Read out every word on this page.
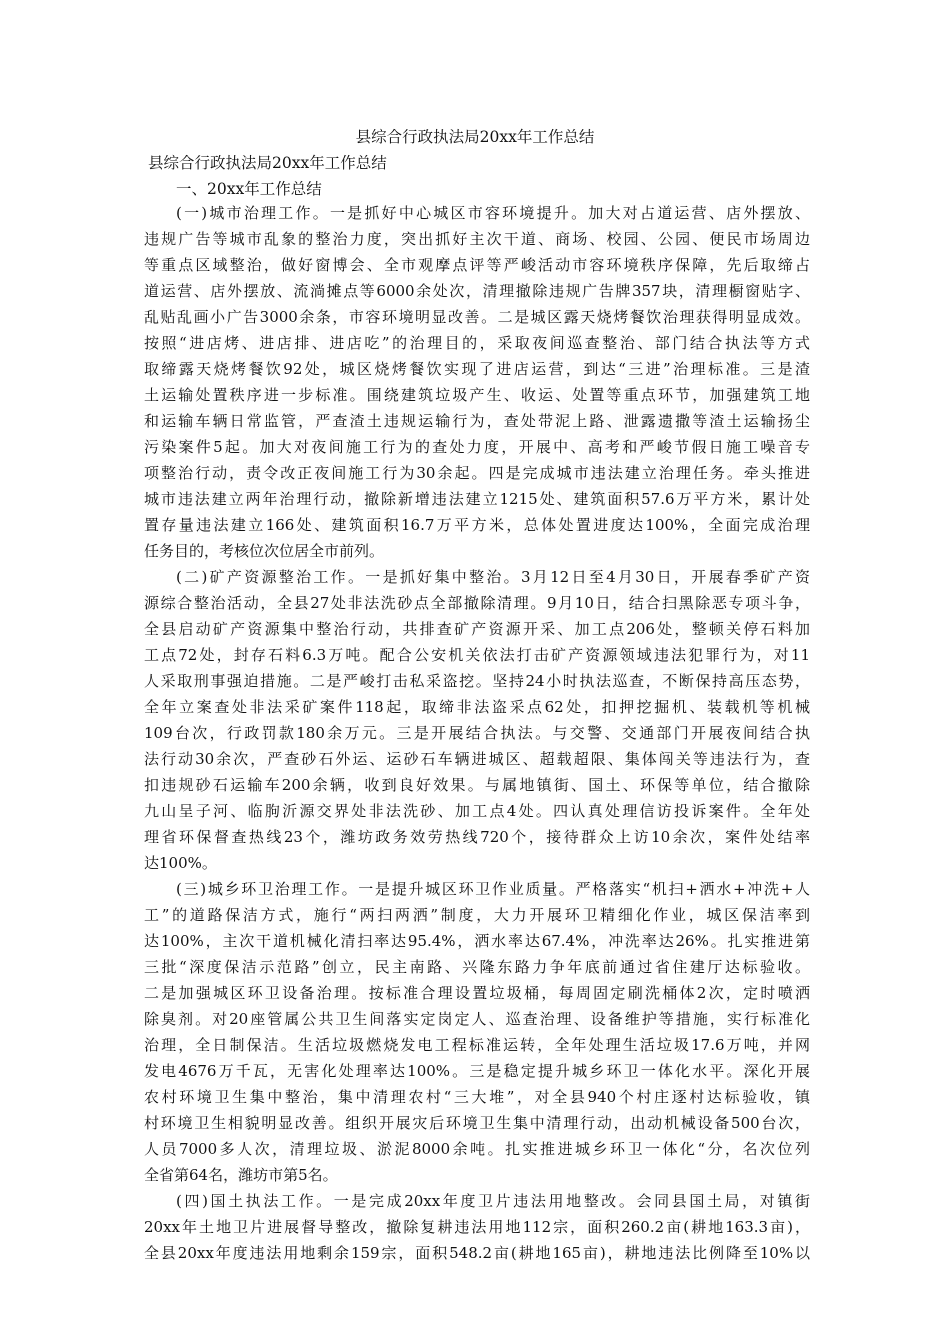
县综合行政执法局20xx年工作总结
县综合行政执法局20xx年工作总结
一、20xx年工作总结
(一)城市治理工作。一是抓好中心城区市容环境提升。加大对占道运营、店外摆放、
违规广告等城市乱象的整治力度，突出抓好主次干道、商场、校园、公园、便民市场周边
等重点区域整治，做好窗博会、全市观摩点评等严峻活动市容环境秩序保障，先后取缔占
道运营、店外摆放、流淌摊点等6000余处次，清理撤除违规广告牌357块，清理橱窗贴字、
乱贴乱画小广告3000余条，市容环境明显改善。二是城区露天烧烤餐饮治理获得明显成效。
按照“进店烤、进店排、进店吃”的治理目的，采取夜间巡查整治、部门结合执法等方式
取缔露天烧烤餐饮92处，城区烧烤餐饮实现了进店运营，到达“三进”治理标准。三是渣
土运输处置秩序进一步标准。围绕建筑垃圾产生、收运、处置等重点环节，加强建筑工地
和运输车辆日常监管，严查渣土违规运输行为，查处带泥上路、泄露遗撒等渣土运输扬尘
污染案件5起。加大对夜间施工行为的查处力度，开展中、高考和严峻节假日施工噪音专
项整治行动，责令改正夜间施工行为30余起。四是完成城市违法建立治理任务。牵头推进
城市违法建立两年治理行动，撤除新增违法建立1215处、建筑面积57.6万平方米，累计处
置存量违法建立166处、建筑面积16.7万平方米，总体处置进度达100%，全面完成治理
任务目的，考核位次位居全市前列。
(二)矿产资源整治工作。一是抓好集中整治。3月12日至4月30日，开展春季矿产资
源综合整治活动，全县27处非法洗砂点全部撤除清理。9月10日，结合扫黑除恶专项斗争，
全县启动矿产资源集中整治行动，共排查矿产资源开采、加工点206处，整顿关停石料加
工点72处，封存石料6.3万吨。配合公安机关依法打击矿产资源领域违法犯罪行为，对11
人采取刑事强迫措施。二是严峻打击私采盗挖。坚持24小时执法巡查，不断保持高压态势，
全年立案查处非法采矿案件118起，取缔非法盗采点62处，扣押挖掘机、装载机等机械
109台次，行政罚款180余万元。三是开展结合执法。与交警、交通部门开展夜间结合执
法行动30余次，严查砂石外运、运砂石车辆进城区、超载超限、集体闯关等违法行为，查
扣违规砂石运输车200余辆，收到良好效果。与属地镇街、国土、环保等单位，结合撤除
九山呈子河、临朐沂源交界处非法洗砂、加工点4处。四认真处理信访投诉案件。全年处
理省环保督查热线23个，潍坊政务效劳热线720个，接待群众上访10余次，案件处结率
达100%。
(三)城乡环卫治理工作。一是提升城区环卫作业质量。严格落实“机扫+洒水+冲洗+人
工”的道路保洁方式，施行“两扫两洒”制度，大力开展环卫精细化作业，城区保洁率到
达100%，主次干道机械化清扫率达95.4%，洒水率达67.4%，冲洗率达26%。扎实推进第
三批“深度保洁示范路”创立，民主南路、兴隆东路力争年底前通过省住建厅达标验收。
二是加强城区环卫设备治理。按标准合理设置垃圾桶，每周固定刷洗桶体2次，定时喷洒
除臭剂。对20座管属公共卫生间落实定岗定人、巡查治理、设备维护等措施，实行标准化
治理，全日制保洁。生活垃圾燃烧发电工程标准运转，全年处理生活垃圾17.6万吨，并网
发电4676万千瓦，无害化处理率达100%。三是稳定提升城乡环卫一体化水平。深化开展
农村环境卫生集中整治，集中清理农村“三大堆”，对全县940个村庄逐村达标验收，镇
村环境卫生相貌明显改善。组织开展灾后环境卫生集中清理行动，出动机械设备500台次，
人员7000多人次，清理垃圾、淤泥8000余吨。扎实推进城乡环卫一体化“分，名次位列
全省第64名，潍坊市第5名。
(四)国土执法工作。一是完成20xx年度卫片违法用地整改。会同县国土局，对镇街
20xx年土地卫片进展督导整改，撤除复耕违法用地112宗，面积260.2亩(耕地163.3亩)，
全县20xx年度违法用地剩余159宗，面积548.2亩(耕地165亩)，耕地违法比例降至10%以
